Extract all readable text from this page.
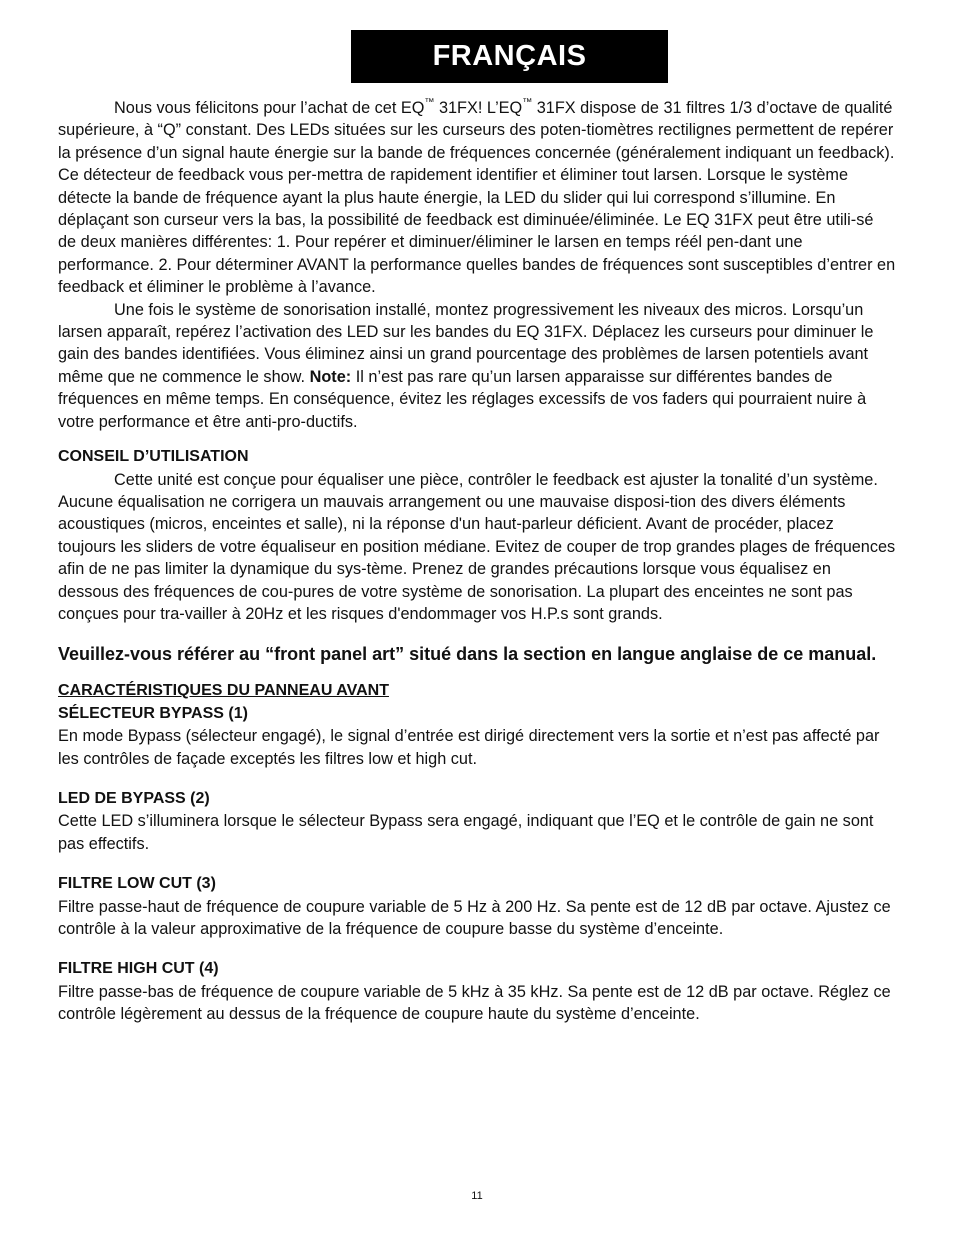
FRANÇAIS

Nous vous félicitons pour l’achat de cet EQ™ 31FX! L’EQ™ 31FX dispose de 31 filtres 1/3 d’octave de qualité supérieure, à “Q” constant. Des LEDs situées sur les curseurs des poten-tiomètres rectilignes permettent de repérer la présence d’un signal haute énergie sur la bande de fréquences concernée (généralement indiquant un feedback). Ce détecteur de feedback vous per-mettra de rapidement identifier et éliminer tout larsen. Lorsque le système détecte la bande de fréquence ayant la plus haute énergie, la LED du slider qui lui correspond s’illumine. En déplaçant son curseur vers la bas, la possibilité de feedback est diminuée/éliminée. Le EQ 31FX peut être utili-sé de deux manières différentes: 1. Pour repérer et diminuer/éliminer le larsen en temps réél pen-dant une performance. 2. Pour déterminer AVANT la performance quelles bandes de fréquences sont susceptibles d’entrer en feedback et éliminer le problème à l’avance.

Une fois le système de sonorisation installé, montez progressivement les niveaux des micros. Lorsqu’un larsen apparaît, repérez l’activation des LED sur les bandes du EQ 31FX. Déplacez les curseurs pour diminuer le gain des bandes identifiées. Vous éliminez ainsi un grand pourcentage des problèmes de larsen potentiels avant même que ne commence le show. Note: Il n’est pas rare qu’un larsen apparaisse sur différentes bandes de fréquences en même temps. En conséquence, évitez les réglages excessifs de vos faders qui pourraient nuire à votre performance et être anti-pro-ductifs.

CONSEIL D’UTILISATION

Cette unité est conçue pour équaliser une pièce, contrôler le feedback est ajuster la tonalité d’un système. Aucune équalisation ne corrigera un mauvais arrangement ou une mauvaise disposi-tion des divers éléments acoustiques (micros, enceintes et salle), ni la réponse d'un haut-parleur déficient. Avant de procéder, placez toujours les sliders de votre équaliseur en position médiane. Evitez de couper de trop grandes plages de fréquences afin de ne pas limiter la dynamique du sys-tème. Prenez de grandes précautions lorsque vous équalisez en dessous des fréquences de cou-pures de votre système de sonorisation. La plupart des enceintes ne sont pas conçues pour tra-vailler à 20Hz et les risques d'endommager vos H.P.s sont grands.

Veuillez-vous référer au “front panel art” situé dans la section en langue anglaise de ce manual.

CARACTÉRISTIQUES DU PANNEAU AVANT

SÉLECTEUR BYPASS (1)

En mode Bypass (sélecteur engagé), le signal d’entrée est dirigé directement vers la sortie et n’est pas affecté par les contrôles de façade exceptés les filtres low et high cut.

LED DE BYPASS (2)

Cette LED s’illuminera lorsque le sélecteur Bypass sera engagé, indiquant que l’EQ et le contrôle de gain ne sont pas effectifs.

FILTRE LOW CUT (3)

Filtre passe-haut de fréquence de coupure variable de 5 Hz à 200 Hz. Sa pente est de 12 dB par octave. Ajustez ce contrôle à la valeur approximative de la fréquence de coupure basse du système d’enceinte.

FILTRE HIGH CUT (4)

Filtre passe-bas de fréquence de coupure variable de 5 kHz à 35 kHz. Sa pente est de 12 dB par octave. Réglez ce contrôle légèrement au dessus de la fréquence de coupure haute du système d’enceinte.

11
